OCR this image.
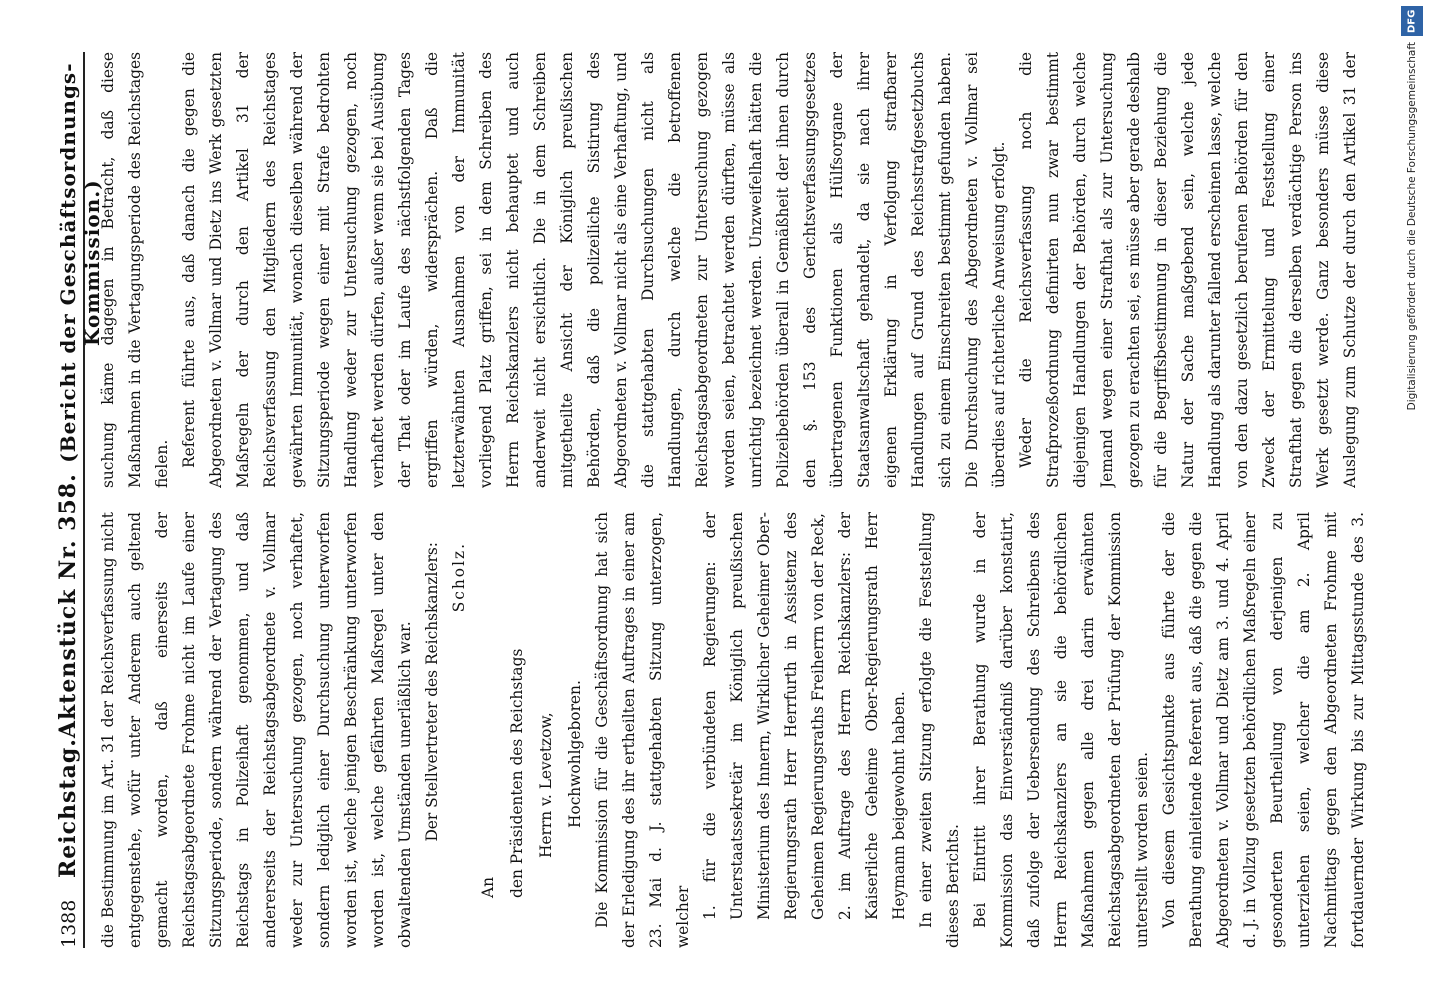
1388
Reichstag.
Aktenstück Nr. 358.
(Bericht der Geschäftsordnungs-Kommission.)

die Bestimmung im Art. 31 der Reichsverfassung nicht entgegenstehe, wofür unter Anderem auch geltend gemacht worden, daß einerseits der Reichstagsabgeordnete Frohme nicht im Laufe einer Sitzungsperiode, sondern während der Vertagung des Reichstags in Polizeihaft genommen, und daß andererseits der Reichstagsabgeordnete v. Vollmar weder zur Untersuchung gezogen, noch verhaftet, sondern lediglich einer Durchsuchung unterworfen worden ist, welche jenigen Beschränkung unterworfen worden ist, welche gefährten Maßregel unter den obwaltenden Umständen unerläßlich war. Der Stellvertreter des Reichskanzlers: Scholz.

An den Präsidenten des Reichstags Herrn v. Levetzow, Hochwohlgeboren. Die Kommission für die Geschäftsordnung hat sich der Erledigung des ihr ertheilten Auftrages in einer am 23. Mai d. J. stattgehabten Sitzung unterzogen, welcher 1. für die verbündeten Regierungen: der Unterstaatssekretär im Königlich preußischen Ministerium des Innern, Wirklicher Geheimer Ober-Regierungsrath Herr Herrfurth in Assistenz des Geheimen Regierungsraths Freiherrn von der Reck, 2. im Auftrage des Herrn Reichskanzlers: der Kaiserliche Geheime Ober-Regierungsrath Herr Heymann beigewohnt haben. In einer zweiten Sitzung erfolgte die Feststellung dieses Berichts. Bei Eintritt ihrer Berathung wurde in der Kommission das Einverständniß darüber konstatirt, daß zufolge der Uebersendung des Schreibens des Herrn Reichskanzlers an sie die behördlichen Maßnahmen gegen alle drei darin erwähnten Reichstagsabgeordneten der Prüfung der Kommission unterstellt worden seien. Von diesem Gesichtspunkte aus führte der die Berathung einleitende Referent aus, daß die gegen die Abgeordneten v. Vollmar und Dietz am 3. und 4. April d. J. in Vollzug gesetzten behördlichen Maßregeln einer gesonderten Beurtheilung von derjenigen zu unterziehen seien, welcher die am 2. April Nachmittags gegen den Abgeordneten Frohme mit fortdauernder Wirkung bis zur Mittagsstunde des 3.

suchung käme dagegen in Betracht, daß diese Maßnahmen in die Vertagungsperiode des Reichstages fielen. Referent führte aus, daß danach die gegen die Abgeordneten v. Vollmar und Dietz ins Werk gesetzten Maßregeln der durch den Artikel 31 der Reichsverfassung den Mitgliedern des Reichstages gewährten Immunität, wonach dieselben während der Sitzungsperiode wegen einer mit Strafe bedrohten Handlung weder zur Untersuchung gezogen, noch verhaftet werden dürfen, außer wenn sie bei Ausübung der That oder im Laufe des nächstfolgenden Tages ergriffen würden, widersprächen. Daß die letzterwähnten Ausnahmen von der Immunität vorliegend Platz griffen, sei in dem Schreiben des Herrn Reichskanzlers nicht behauptet und auch anderweit nicht ersichtlich. Die in dem Schreiben mitgetheilte Ansicht der Königlich preußischen Behörden, daß die polizeiliche Sistirung des Abgeordneten v. Vollmar nicht als eine Verhaftung, und die stattgehabten Durchsuchungen nicht als Handlungen, durch welche die betroffenen Reichstagsabgeordneten zur Untersuchung gezogen worden seien, betrachtet werden dürften, müsse als unrichtig bezeichnet werden. Unzweifelhaft hätten die Polizeibehörden überall in Gemäßheit der ihnen durch den §. 153 des Gerichtsverfassungsgesetzes übertragenen Funktionen als Hülfsorgane der Staatsanwaltschaft gehandelt, da sie nach ihrer eigenen Erklärung in Verfolgung strafbarer Handlungen auf Grund des Reichsstrafgesetzbuchs sich zu einem Einschreiten bestimmt gefunden haben. Die Durchsuchung des Abgeordneten v. Vollmar sei überdies auf richterliche Anweisung erfolgt. Weder die Reichsverfassung noch die Strafprozeßordnung definirten nun zwar bestimmt diejenigen Handlungen der Behörden, durch welche Jemand wegen einer Strafthat als zur Untersuchung gezogen zu erachten sei, es müsse aber gerade deshalb für die Begriffsbestimmung in dieser Beziehung die Natur der Sache maßgebend sein, welche jede Handlung als darunter fallend erscheinen lasse, welche von den dazu gesetzlich berufenen Behörden für den Zweck der Ermittelung und Feststellung einer Strafthat gegen die derselben verdächtige Person ins Werk gesetzt werde. Ganz besonders müsse diese Auslegung zum Schutze der durch den Artikel 31 der

DFG
Digitalisierung gefördert durch die Deutsche Forschungsgemeinschaft
